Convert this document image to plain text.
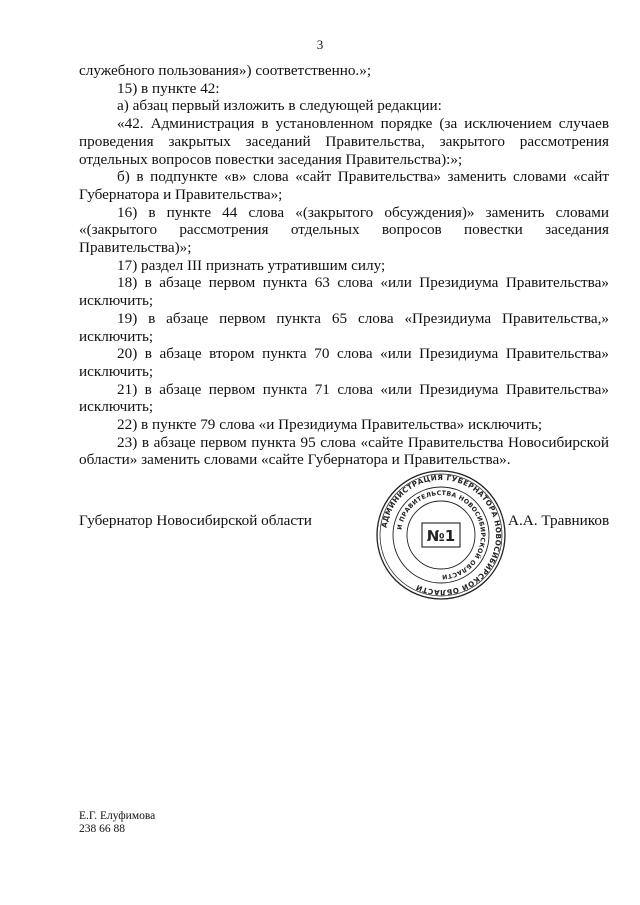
3

служебного пользования») соответственно.»;

15) в пункте 42:

а) абзац первый изложить в следующей редакции:

«42. Администрация в установленном порядке (за исключением случаев проведения закрытых заседаний Правительства, закрытого рассмотрения отдельных вопросов повестки заседания Правительства):»;

б) в подпункте «в» слова «сайт Правительства» заменить словами «сайт Губернатора и Правительства»;

16) в пункте 44 слова «(закрытого обсуждения)» заменить словами «(закрытого рассмотрения отдельных вопросов повестки заседания Правительства)»;

17) раздел III признать утратившим силу;

18) в абзаце первом пункта 63 слова «или Президиума Правительства» исключить;

19) в абзаце первом пункта 65 слова «Президиума Правительства,» исключить;

20) в абзаце втором пункта 70 слова «или Президиума Правительства» исключить;

21) в абзаце первом пункта 71 слова «или Президиума Правительства» исключить;

22) в пункте 79 слова «и Президиума Правительства» исключить;

23) в абзаце первом пункта 95 слова «сайте Правительства Новосибирской области» заменить словами «сайте Губернатора и Правительства».

Губернатор Новосибирской области	АДМИНИСТРАЦИЯ ГУБЕРНАТОРА НОВОСИБИРСКОЙ ОБЛАСТИ
И ПРАВИТЕЛЬСТВА НОВОСИБИРСКОЙ ОБЛАСТИ
№1
А.А. Травников
Е.Г. Елуфимова
238 66 88
